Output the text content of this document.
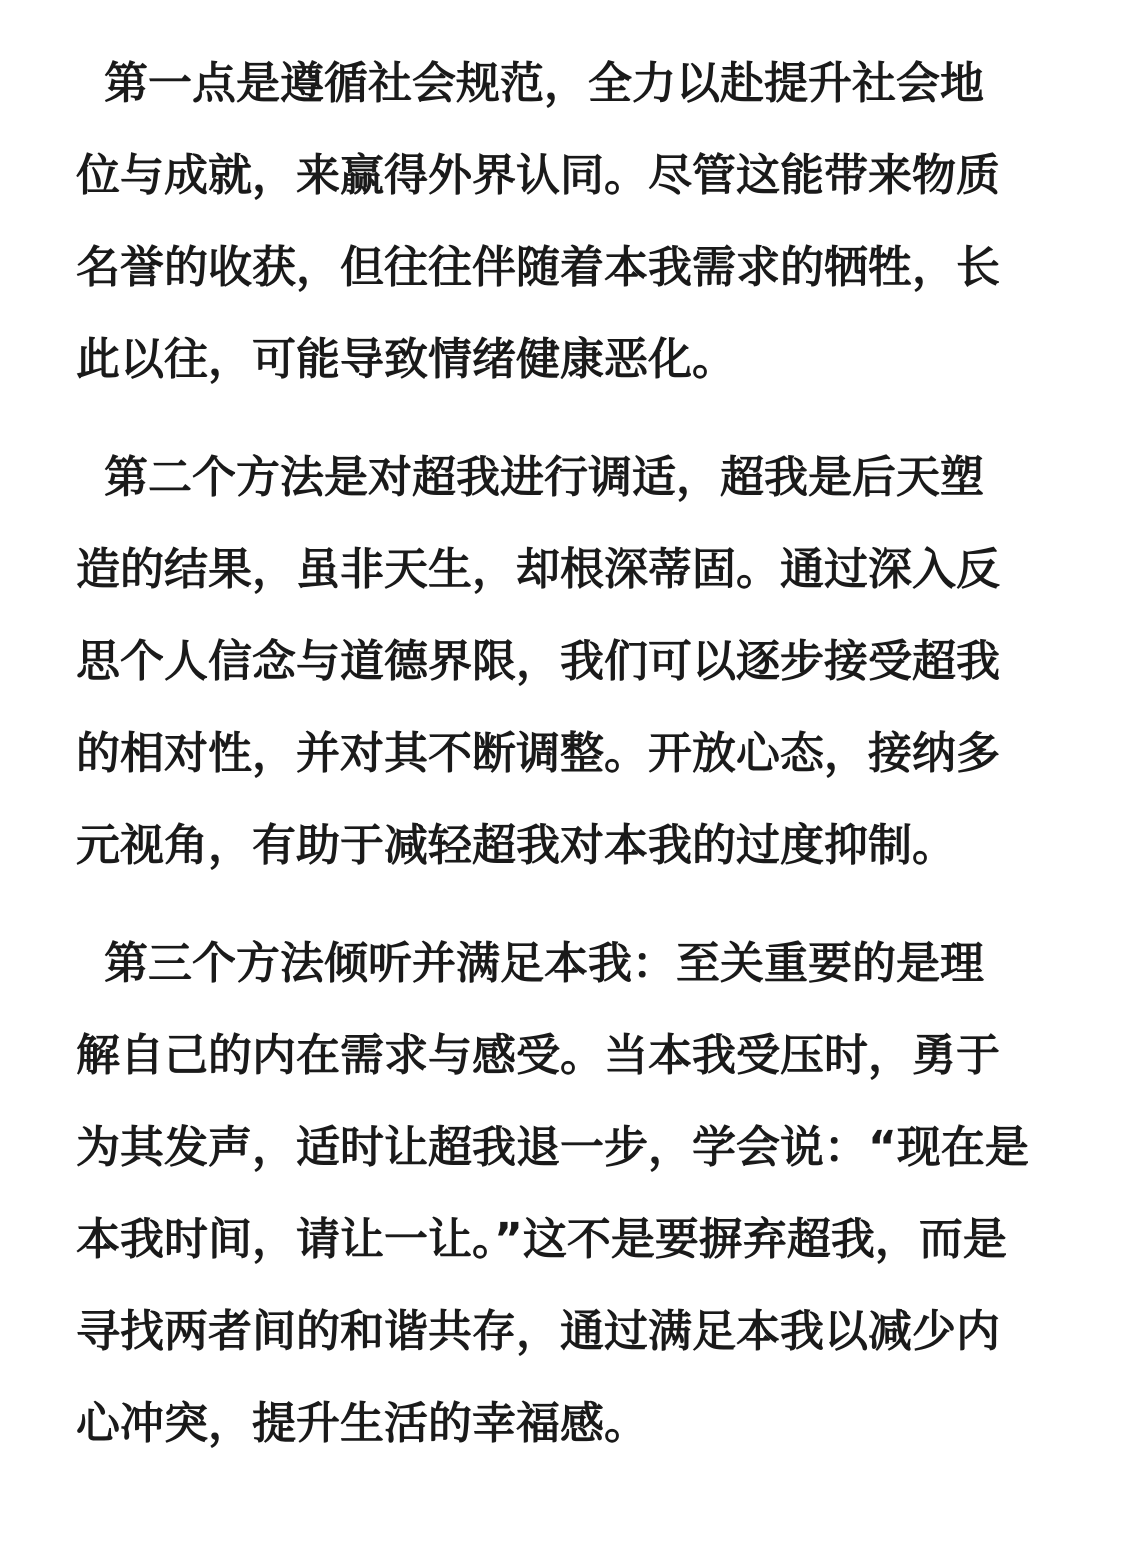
第一点是遵循社会规范，全力以赴提升社会地
位与成就，来赢得外界认同。尽管这能带来物质
名誉的收获，但往往伴随着本我需求的牺牲，长
此以往，可能导致情绪健康恶化。
第二个方法是对超我进行调适，超我是后天塑
造的结果，虽非天生，却根深蒂固。通过深入反
思个人信念与道德界限，我们可以逐步接受超我
的相对性，并对其不断调整。开放心态，接纳多
元视角，有助于减轻超我对本我的过度抑制。
第三个方法倾听并满足本我：至关重要的是理
解自己的内在需求与感受。当本我受压时，勇于
为其发声，适时让超我退一步，学会说：“现在是
本我时间，请让一让。”这不是要摒弃超我，而是
寻找两者间的和谐共存，通过满足本我以减少内
心冲突，提升生活的幸福感。
